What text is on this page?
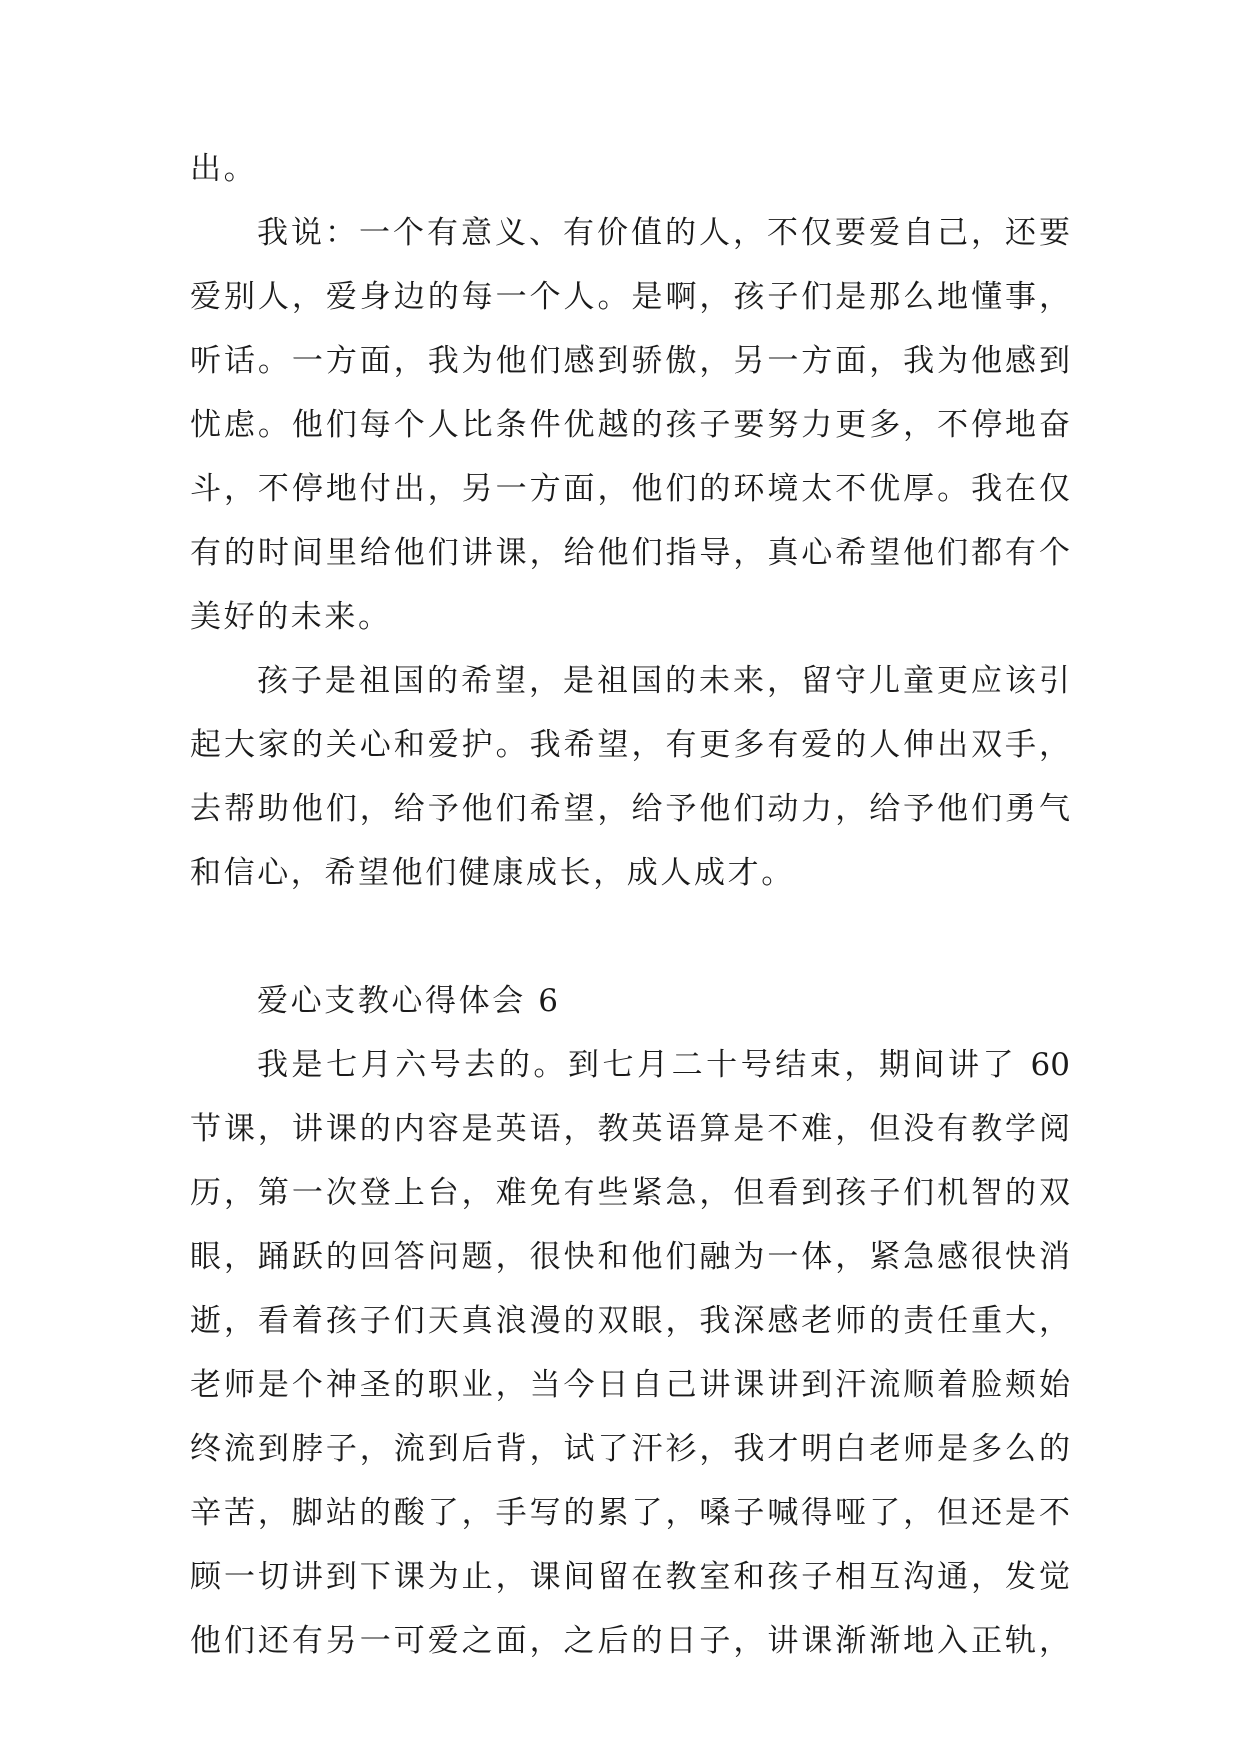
出。
我说：一个有意义、有价值的人，不仅要爱自己，还要
爱别人，爱身边的每一个人。是啊，孩子们是那么地懂事，
听话。一方面，我为他们感到骄傲，另一方面，我为他感到
忧虑。他们每个人比条件优越的孩子要努力更多，不停地奋
斗，不停地付出，另一方面，他们的环境太不优厚。我在仅
有的时间里给他们讲课，给他们指导，真心希望他们都有个
美好的未来。
孩子是祖国的希望，是祖国的未来，留守儿童更应该引
起大家的关心和爱护。我希望，有更多有爱的人伸出双手，
去帮助他们，给予他们希望，给予他们动力，给予他们勇气
和信心，希望他们健康成长，成人成才。
爱心支教心得体会 6
我是七月六号去的。到七月二十号结束，期间讲了 60
节课，讲课的内容是英语，教英语算是不难，但没有教学阅
历，第一次登上台，难免有些紧急，但看到孩子们机智的双
眼，踊跃的回答问题，很快和他们融为一体，紧急感很快消
逝，看着孩子们天真浪漫的双眼，我深感老师的责任重大，
老师是个神圣的职业，当今日自己讲课讲到汗流顺着脸颊始
终流到脖子，流到后背，试了汗衫，我才明白老师是多么的
辛苦，脚站的酸了，手写的累了，嗓子喊得哑了，但还是不
顾一切讲到下课为止，课间留在教室和孩子相互沟通，发觉
他们还有另一可爱之面，之后的日子，讲课渐渐地入正轨，
